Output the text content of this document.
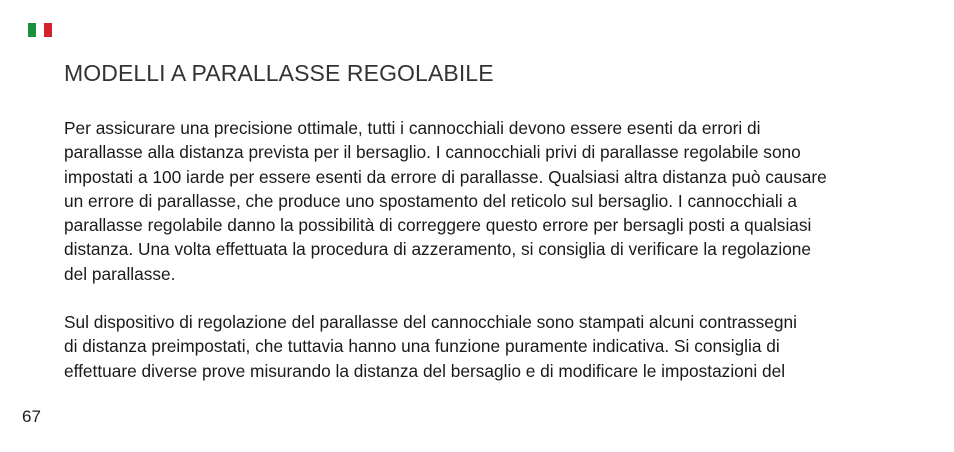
MODELLI A PARALLASSE REGOLABILE

Per assicurare una precisione ottimale, tutti i cannocchiali devono essere esenti da errori di
parallasse alla distanza prevista per il bersaglio. I cannocchiali privi di parallasse regolabile sono
impostati a 100 iarde per essere esenti da errore di parallasse. Qualsiasi altra distanza può causare
un errore di parallasse, che produce uno spostamento del reticolo sul bersaglio. I cannocchiali a
parallasse regolabile danno la possibilità di correggere questo errore per bersagli posti a qualsiasi
distanza. Una volta effettuata la procedura di azzeramento, si consiglia di verificare la regolazione
del parallasse.

Sul dispositivo di regolazione del parallasse del cannocchiale sono stampati alcuni contrassegni
di distanza preimpostati, che tuttavia hanno una funzione puramente indicativa. Si consiglia di
effettuare diverse prove misurando la distanza del bersaglio e di modificare le impostazioni del

67
